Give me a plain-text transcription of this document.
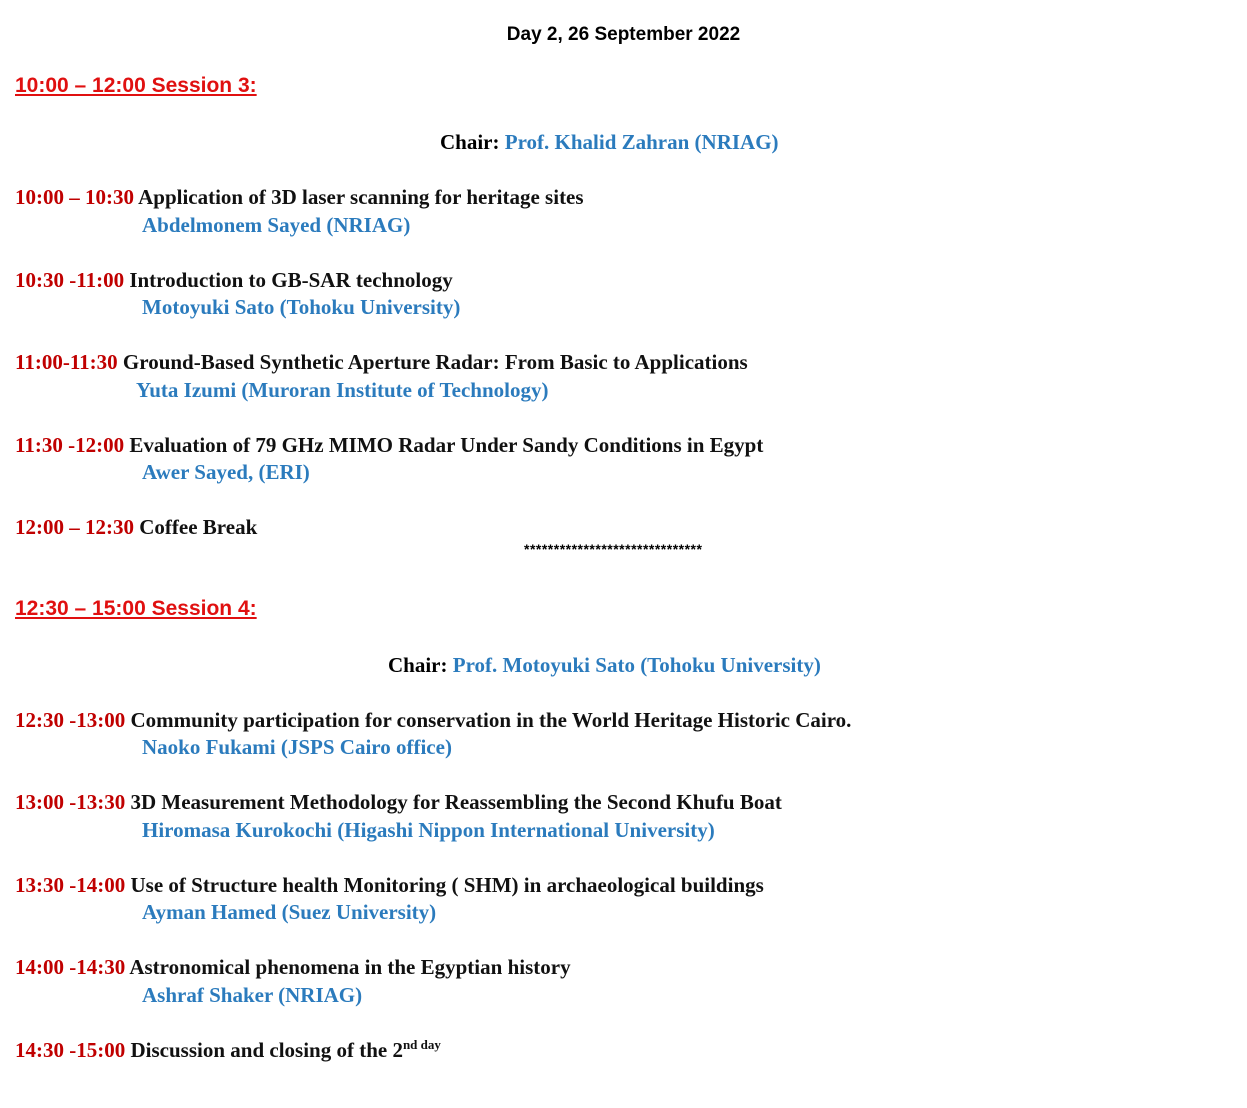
Day 2, 26 September 2022
10:00 – 12:00 Session 3:
Chair: Prof. Khalid Zahran (NRIAG)
10:00 – 10:30 Application of 3D laser scanning for heritage sites
Abdelmonem Sayed (NRIAG)
10:30 -11:00 Introduction to GB-SAR technology
Motoyuki Sato (Tohoku University)
11:00-11:30 Ground-Based Synthetic Aperture Radar: From Basic to Applications
Yuta Izumi (Muroran Institute of Technology)
11:30 -12:00 Evaluation of 79 GHz MIMO Radar Under Sandy Conditions in Egypt
Awer Sayed, (ERI)
12:00 – 12:30 Coffee Break
******************************
12:30 – 15:00 Session 4:
Chair: Prof. Motoyuki Sato (Tohoku University)
12:30 -13:00 Community participation for conservation in the World Heritage Historic Cairo.
Naoko Fukami (JSPS Cairo office)
13:00 -13:30 3D Measurement Methodology for Reassembling the Second Khufu Boat
Hiromasa Kurokochi (Higashi Nippon International University)
13:30 -14:00 Use of Structure health Monitoring ( SHM) in archaeological buildings
Ayman Hamed (Suez University)
14:00 -14:30 Astronomical phenomena in the Egyptian history
Ashraf Shaker (NRIAG)
14:30 -15:00 Discussion and closing of the $2^{nd day}$
